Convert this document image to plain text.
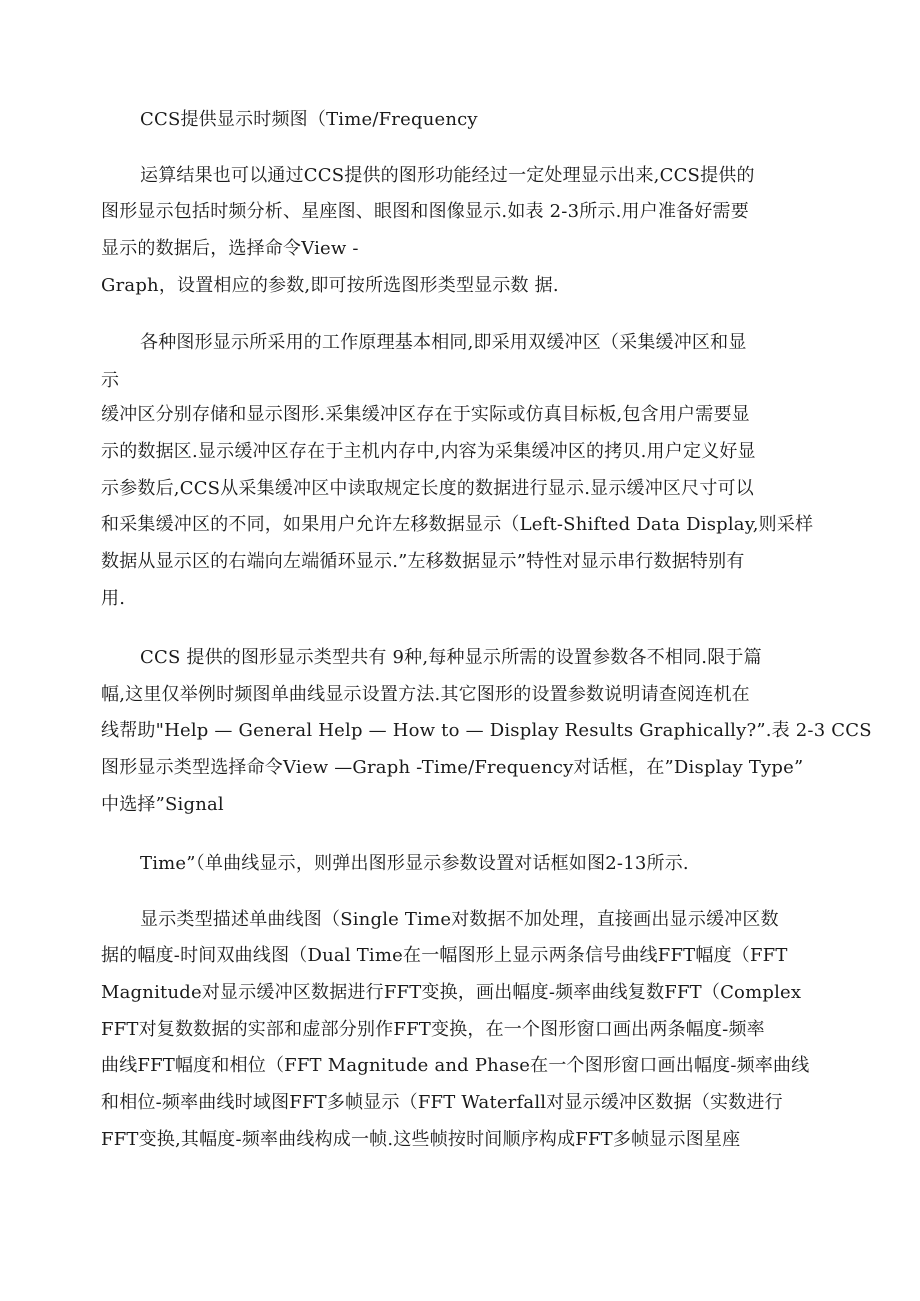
CCS提供显示时频图（Time/Frequency
运算结果也可以通过CCS提供的图形功能经过一定处理显示出来,CCS提供的
图形显示包括时频分析、星座图、眼图和图像显示.如表 2-3所示.用户准备好需要
显示的数据后，选择命令View -
Graph，设置相应的参数,即可按所选图形类型显示数 据.
各种图形显示所采用的工作原理基本相同,即采用双缓冲区（采集缓冲区和显
示
缓冲区分别存储和显示图形.采集缓冲区存在于实际或仿真目标板,包含用户需要显
示的数据区.显示缓冲区存在于主机内存中,内容为采集缓冲区的拷贝.用户定义好显
示参数后,CCS从采集缓冲区中读取规定长度的数据进行显示.显示缓冲区尺寸可以
和采集缓冲区的不同，如果用户允许左移数据显示（Left-Shifted Data Display,则采样
数据从显示区的右端向左端循环显示.”左移数据显示”特性对显示串行数据特别有
用.
CCS 提供的图形显示类型共有 9种,每种显示所需的设置参数各不相同.限于篇
幅,这里仅举例时频图单曲线显示设置方法.其它图形的设置参数说明请查阅连机在
线帮助"Help — General Help — How to — Display Results Graphically?”.表 2-3 CCS
图形显示类型选择命令View —Graph -Time/Frequency对话框，在”Display Type”
中选择”Signal
Time”（单曲线显示，则弹出图形显示参数设置对话框如图2-13所示.
显示类型描述单曲线图（Single Time对数据不加处理，直接画出显示缓冲区数
据的幅度-时间双曲线图（Dual Time在一幅图形上显示两条信号曲线FFT幅度（FFT
Magnitude对显示缓冲区数据进行FFT变换，画出幅度-频率曲线复数FFT（Complex
FFT对复数数据的实部和虚部分别作FFT变换，在一个图形窗口画出两条幅度-频率
曲线FFT幅度和相位（FFT Magnitude and Phase在一个图形窗口画出幅度-频率曲线
和相位-频率曲线时域图FFT多帧显示（FFT Waterfall对显示缓冲区数据（实数进行
FFT变换,其幅度-频率曲线构成一帧.这些帧按时间顺序构成FFT多帧显示图星座
